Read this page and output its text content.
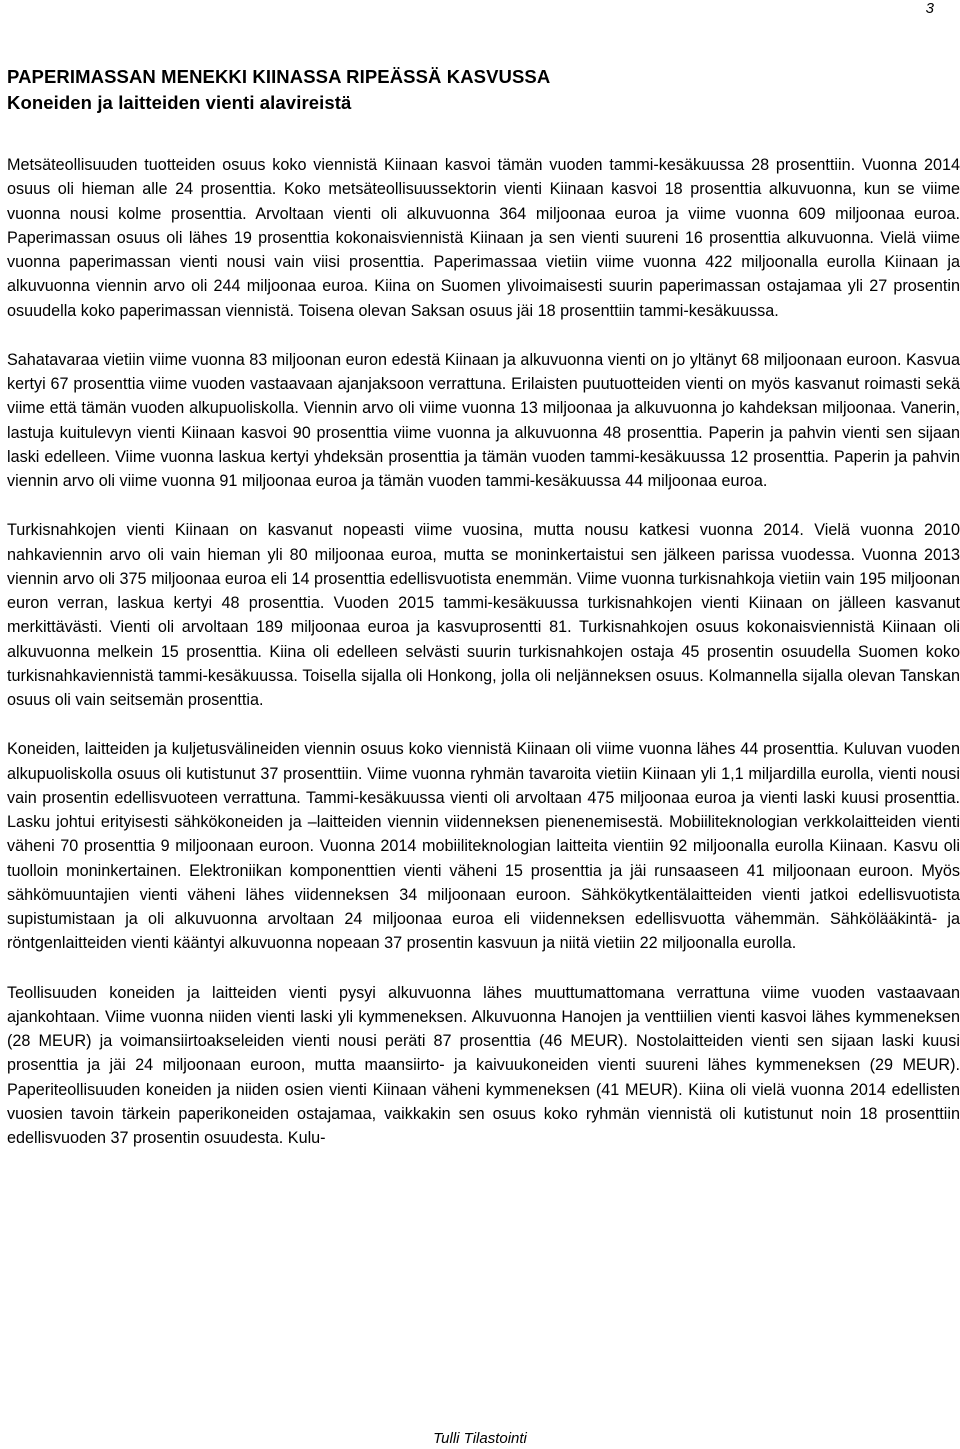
3

PAPERIMASSAN MENEKKI KIINASSA RIPEÄSSÄ KASVUSSA

Koneiden ja laitteiden vienti alavireistä

Metsäteollisuuden tuotteiden osuus koko viennistä Kiinaan kasvoi tämän vuoden tammi-kesäkuussa 28 prosenttiin. Vuonna 2014 osuus oli hieman alle 24 prosenttia. Koko metsäteollisuussektorin vienti Kiinaan kasvoi 18 prosenttia alkuvuonna, kun se viime vuonna nousi kolme prosenttia. Arvoltaan vienti oli alkuvuonna 364 miljoonaa euroa ja viime vuonna 609 miljoonaa euroa. Paperimassan osuus oli lähes 19 prosenttia kokonaisviennistä Kiinaan ja sen vienti suureni 16 prosenttia alkuvuonna. Vielä viime vuonna paperimassan vienti nousi vain viisi prosenttia. Paperimassaa vietiin viime vuonna 422 miljoonalla eurolla Kiinaan ja alkuvuonna viennin arvo oli 244 miljoonaa euroa. Kiina on Suomen ylivoimaisesti suurin paperimassan ostajamaa yli 27 prosentin osuudella koko paperimassan viennistä. Toisena olevan Saksan osuus jäi 18 prosenttiin tammi-kesäkuussa.

Sahatavaraa vietiin viime vuonna 83 miljoonan euron edestä Kiinaan ja alkuvuonna vienti on jo yltänyt 68 miljoonaan euroon. Kasvua kertyi 67 prosenttia viime vuoden vastaavaan ajanjaksoon verrattuna. Erilaisten puutuotteiden vienti on myös kasvanut roimasti sekä viime että tämän vuoden alkupuoliskolla. Viennin arvo oli viime vuonna 13 miljoonaa ja alkuvuonna jo kahdeksan miljoonaa. Vanerin, lastuja kuitulevyn vienti Kiinaan kasvoi 90 prosenttia viime vuonna ja alkuvuonna 48 prosenttia. Paperin ja pahvin vienti sen sijaan laski edelleen. Viime vuonna laskua kertyi yhdeksän prosenttia ja tämän vuoden tammi-kesäkuussa 12 prosenttia. Paperin ja pahvin viennin arvo oli viime vuonna 91 miljoonaa euroa ja tämän vuoden tammi-kesäkuussa 44 miljoonaa euroa.

Turkisnahkojen vienti Kiinaan on kasvanut nopeasti viime vuosina, mutta nousu katkesi vuonna 2014. Vielä vuonna 2010 nahkaviennin arvo oli vain hieman yli 80 miljoonaa euroa, mutta se moninkertaistui sen jälkeen parissa vuodessa. Vuonna 2013 viennin arvo oli 375 miljoonaa euroa eli 14 prosenttia edellisvuotista enemmän. Viime vuonna turkisnahkoja vietiin vain 195 miljoonan euron verran, laskua kertyi 48 prosenttia. Vuoden 2015 tammi-kesäkuussa turkisnahkojen vienti Kiinaan on jälleen kasvanut merkittävästi. Vienti oli arvoltaan 189 miljoonaa euroa ja kasvuprosentti 81. Turkisnahkojen osuus kokonaisviennistä Kiinaan oli alkuvuonna melkein 15 prosenttia. Kiina oli edelleen selvästi suurin turkisnahkojen ostaja 45 prosentin osuudella Suomen koko turkisnahkaviennistä tammi-kesäkuussa. Toisella sijalla oli Honkong, jolla oli neljänneksen osuus. Kolmannella sijalla olevan Tanskan osuus oli vain seitsemän prosenttia.

Koneiden, laitteiden ja kuljetusvälineiden viennin osuus koko viennistä Kiinaan oli viime vuonna lähes 44 prosenttia. Kuluvan vuoden alkupuoliskolla osuus oli kutistunut 37 prosenttiin. Viime vuonna ryhmän tavaroita vietiin Kiinaan yli 1,1 miljardilla eurolla, vienti nousi vain prosentin edellisvuoteen verrattuna. Tammi-kesäkuussa vienti oli arvoltaan 475 miljoonaa euroa ja vienti laski kuusi prosenttia. Lasku johtui erityisesti sähkökoneiden ja –laitteiden viennin viidenneksen pienenemisestä. Mobiiliteknologian verkkolaitteiden vienti väheni 70 prosenttia 9 miljoonaan euroon. Vuonna 2014 mobiiliteknologian laitteita vientiin 92 miljoonalla eurolla Kiinaan. Kasvu oli tuolloin moninkertainen. Elektroniikan komponenttien vienti väheni 15 prosenttia ja jäi runsaaseen 41 miljoonaan euroon. Myös sähkömuuntajien vienti väheni lähes viidenneksen 34 miljoonaan euroon. Sähkökytkentälaitteiden vienti jatkoi edellisvuotista supistumistaan ja oli alkuvuonna arvoltaan 24 miljoonaa euroa eli viidenneksen edellisvuotta vähemmän. Sähkölääkintä- ja röntgenlaitteiden vienti kääntyi alkuvuonna nopeaan 37 prosentin kasvuun ja niitä vietiin 22 miljoonalla eurolla.

Teollisuuden koneiden ja laitteiden vienti pysyi alkuvuonna lähes muuttumattomana verrattuna viime vuoden vastaavaan ajankohtaan. Viime vuonna niiden vienti laski yli kymmeneksen. Alkuvuonna Hanojen ja venttiilien vienti kasvoi lähes kymmeneksen (28 MEUR) ja voimansiirtoakseleiden vienti nousi peräti 87 prosenttia (46 MEUR). Nostolaitteiden vienti sen sijaan laski kuusi prosenttia ja jäi 24 miljoonaan euroon, mutta maansiirto- ja kaivuukoneiden vienti suureni lähes kymmeneksen (29 MEUR). Paperiteollisuuden koneiden ja niiden osien vienti Kiinaan väheni kymmeneksen (41 MEUR). Kiina oli vielä vuonna 2014 edellisten vuosien tavoin tärkein paperikoneiden ostajamaa, vaikkakin sen osuus koko ryhmän viennistä oli kutistunut noin 18 prosenttiin edellisvuoden 37 prosentin osuudesta. Kulu-

Tulli Tilastointi
